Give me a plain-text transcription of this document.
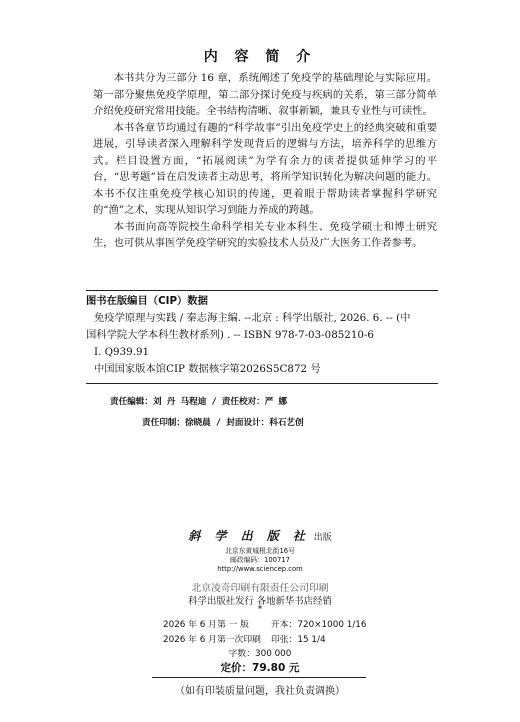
内 容 简 介

本书共分为三部分 16 章，系统阐述了免疫学的基础理论与实际应用。第一部分聚焦免疫学原理，第二部分探讨免疫与疾病的关系，第三部分简单介绍免疫研究常用技能。全书结构清晰、叙事新颖，兼具专业性与可读性。

本书各章节均通过有趣的“科学故事”引出免疫学史上的经典突破和重要进展，引导读者深入理解科学发现背后的逻辑与方法，培养科学的思维方式。栏目设置方面，“拓展阅读”为学有余力的读者提供延伸学习的平台，“思考题”旨在启发读者主动思考，将所学知识转化为解决问题的能力。本书不仅注重免疫学核心知识的传递，更着眼于帮助读者掌握科学研究的“渔”之术，实现从知识学习到能力养成的跨越。

本书面向高等院校生命科学相关专业本科生、免疫学硕士和博士研究生，也可供从事医学免疫学研究的实验技术人员及广大医务工作者参考。

图书在版编目（CIP）数据
免疫学原理与实践 / 秦志海主编. --北京 : 科学出版社, 2026. 6. -- (中
国科学院大学本科生教材系列) . -- ISBN 978-7-03-085210-6
Ⅰ. Q939.91
中国国家版本馆CIP 数据核字第2026S5C872 号
责任编辑：刘 丹 马程迪 / 责任校对：严 娜
责任印制：徐晓晨 / 封面设计：科石艺创
斜 学 出 版 社 出版
北京东黄城根北街16号
邮政编码：100717
http://www.sciencep.com
北京凌奇印刷有限责任公司印刷
科学出版社发行 各地新华书店经销
*
2026 年 6 月第 一 版	开本：720×1000 1/16
2026 年 6 月第一次印刷	印张：15 1/4
字数：300 000
定价：79.80 元
（如有印装质量问题，我社负责调换）
